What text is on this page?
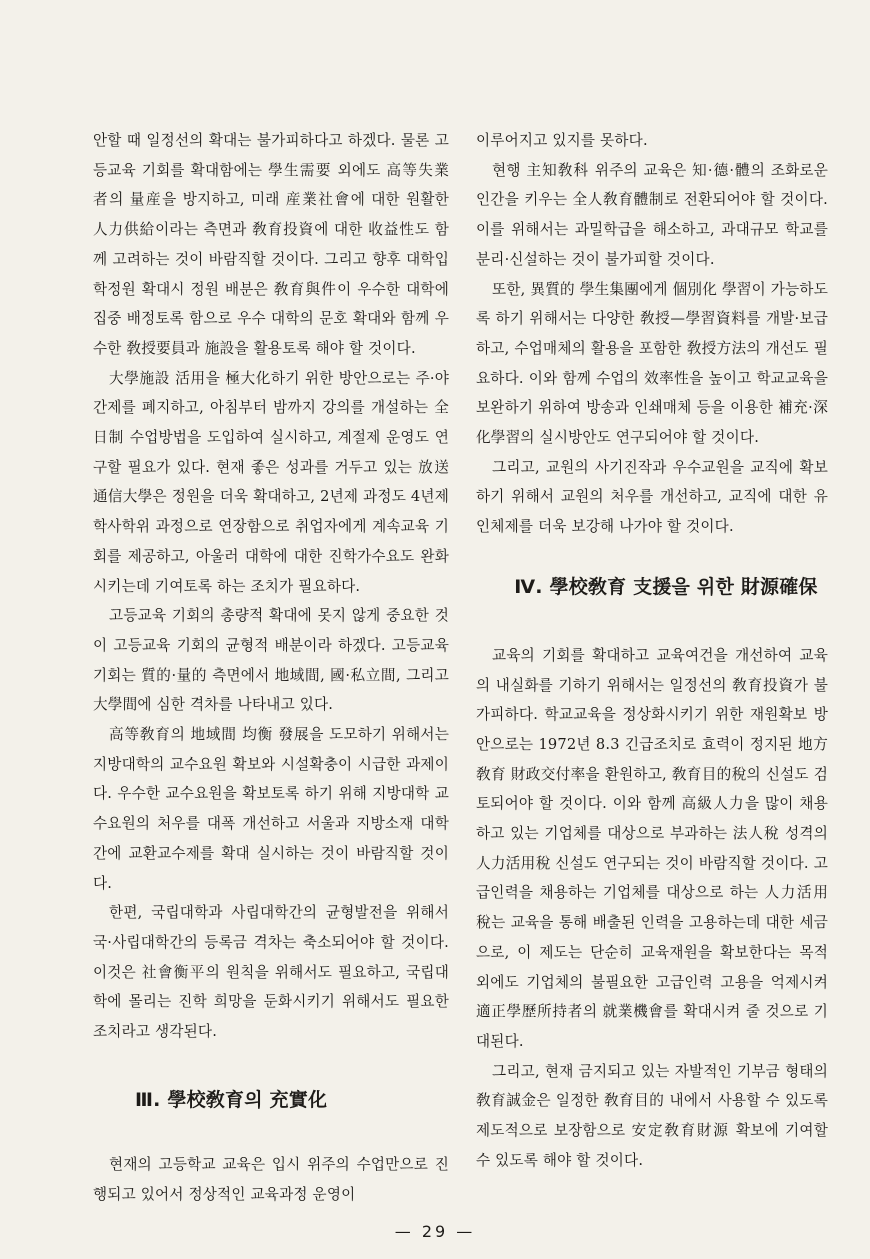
안할 때 일정선의 확대는 불가피하다고 하겠다. 물론 고등교육 기회를 확대함에는 學生需要 외에도 高等失業者의 量産을 방지하고, 미래 産業社會에 대한 원활한 人力供給이라는 측면과 敎育投資에 대한 收益性도 함께 고려하는 것이 바람직할 것이다. 그리고 향후 대학입학정원 확대시 정원 배분은 敎育與件이 우수한 대학에 집중 배정토록 함으로 우수 대학의 문호 확대와 함께 우수한 敎授要員과 施設을 활용토록 해야 할 것이다.

大學施設 活用을 極大化하기 위한 방안으로는 주·야간제를 폐지하고, 아침부터 밤까지 강의를 개설하는 全日制 수업방법을 도입하여 실시하고, 계절제 운영도 연구할 필요가 있다. 현재 좋은 성과를 거두고 있는 放送通信大學은 정원을 더욱 확대하고, 2년제 과정도 4년제 학사학위 과정으로 연장함으로 취업자에게 계속교육 기회를 제공하고, 아울러 대학에 대한 진학가수요도 완화시키는데 기여토록 하는 조치가 필요하다.

고등교육 기회의 총량적 확대에 못지 않게 중요한 것이 고등교육 기회의 균형적 배분이라 하겠다. 고등교육 기회는 質的·量的 측면에서 地域間, 國·私立間, 그리고 大學間에 심한 격차를 나타내고 있다.

高等敎育의 地域間 均衡 發展을 도모하기 위해서는 지방대학의 교수요원 확보와 시설확충이 시급한 과제이다. 우수한 교수요원을 확보토록 하기 위해 지방대학 교수요원의 처우를 대폭 개선하고 서울과 지방소재 대학간에 교환교수제를 확대 실시하는 것이 바람직할 것이다.

한편, 국립대학과 사립대학간의 균형발전을 위해서 국·사립대학간의 등록금 격차는 축소되어야 할 것이다. 이것은 社會衡平의 원칙을 위해서도 필요하고, 국립대학에 몰리는 진학 희망을 둔화시키기 위해서도 필요한 조치라고 생각된다.

Ⅲ. 學校敎育의 充實化

현재의 고등학교 교육은 입시 위주의 수업만으로 진행되고 있어서 정상적인 교육과정 운영이

이루어지고 있지를 못하다.

현행 主知敎科 위주의 교육은 知·德·體의 조화로운 인간을 키우는 全人敎育體制로 전환되어야 할 것이다. 이를 위해서는 과밀학급을 해소하고, 과대규모 학교를 분리·신설하는 것이 불가피할 것이다.

또한, 異質的 學生集團에게 個別化 學習이 가능하도록 하기 위해서는 다양한 敎授—學習資料를 개발·보급하고, 수업매체의 활용을 포함한 敎授方法의 개선도 필요하다. 이와 함께 수업의 效率性을 높이고 학교교육을 보완하기 위하여 방송과 인쇄매체 등을 이용한 補充·深化學習의 실시방안도 연구되어야 할 것이다.

그리고, 교원의 사기진작과 우수교원을 교직에 확보하기 위해서 교원의 처우를 개선하고, 교직에 대한 유인체제를 더욱 보강해 나가야 할 것이다.

Ⅳ. 學校敎育 支援을 위한 財源確保

교육의 기회를 확대하고 교육여건을 개선하여 교육의 내실화를 기하기 위해서는 일정선의 敎育投資가 불가피하다. 학교교육을 정상화시키기 위한 재원확보 방안으로는 1972년 8.3 긴급조치로 효력이 정지된 地方敎育 財政交付率을 환원하고, 敎育目的稅의 신설도 검토되어야 할 것이다. 이와 함께 高級人力을 많이 채용하고 있는 기업체를 대상으로 부과하는 法人稅 성격의 人力活用稅 신설도 연구되는 것이 바람직할 것이다. 고급인력을 채용하는 기업체를 대상으로 하는 人力活用稅는 교육을 통해 배출된 인력을 고용하는데 대한 세금으로, 이 제도는 단순히 교육재원을 확보한다는 목적 외에도 기업체의 불필요한 고급인력 고용을 억제시켜 適正學歷所持者의 就業機會를 확대시켜 줄 것으로 기대된다.

그리고, 현재 금지되고 있는 자발적인 기부금 형태의 敎育誠金은 일정한 敎育目的 내에서 사용할 수 있도록 제도적으로 보장함으로 安定敎育財源 확보에 기여할 수 있도록 해야 할 것이다.

— 29 —
